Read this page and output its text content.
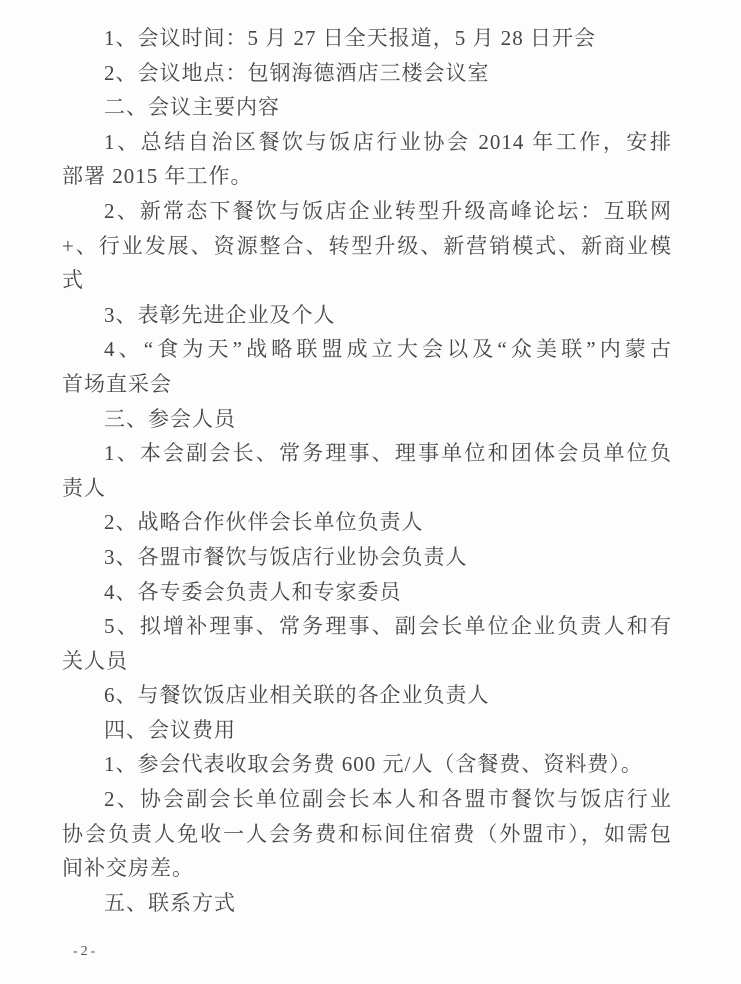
1、会议时间：5 月 27 日全天报道，5 月 28 日开会
2、会议地点：包钢海德酒店三楼会议室
二、会议主要内容
1、总结自治区餐饮与饭店行业协会 2014 年工作，安排
部署 2015 年工作。
2、新常态下餐饮与饭店企业转型升级高峰论坛：互联网
+、行业发展、资源整合、转型升级、新营销模式、新商业模
式
3、表彰先进企业及个人
4、“食为天”战略联盟成立大会以及“众美联”内蒙古
首场直采会
三、参会人员
1、本会副会长、常务理事、理事单位和团体会员单位负
责人
2、战略合作伙伴会长单位负责人
3、各盟市餐饮与饭店行业协会负责人
4、各专委会负责人和专家委员
5、拟增补理事、常务理事、副会长单位企业负责人和有
关人员
6、与餐饮饭店业相关联的各企业负责人
四、会议费用
1、参会代表收取会务费 600 元/人（含餐费、资料费）。
2、协会副会长单位副会长本人和各盟市餐饮与饭店行业
协会负责人免收一人会务费和标间住宿费（外盟市），如需包
间补交房差。
五、联系方式
-2-
